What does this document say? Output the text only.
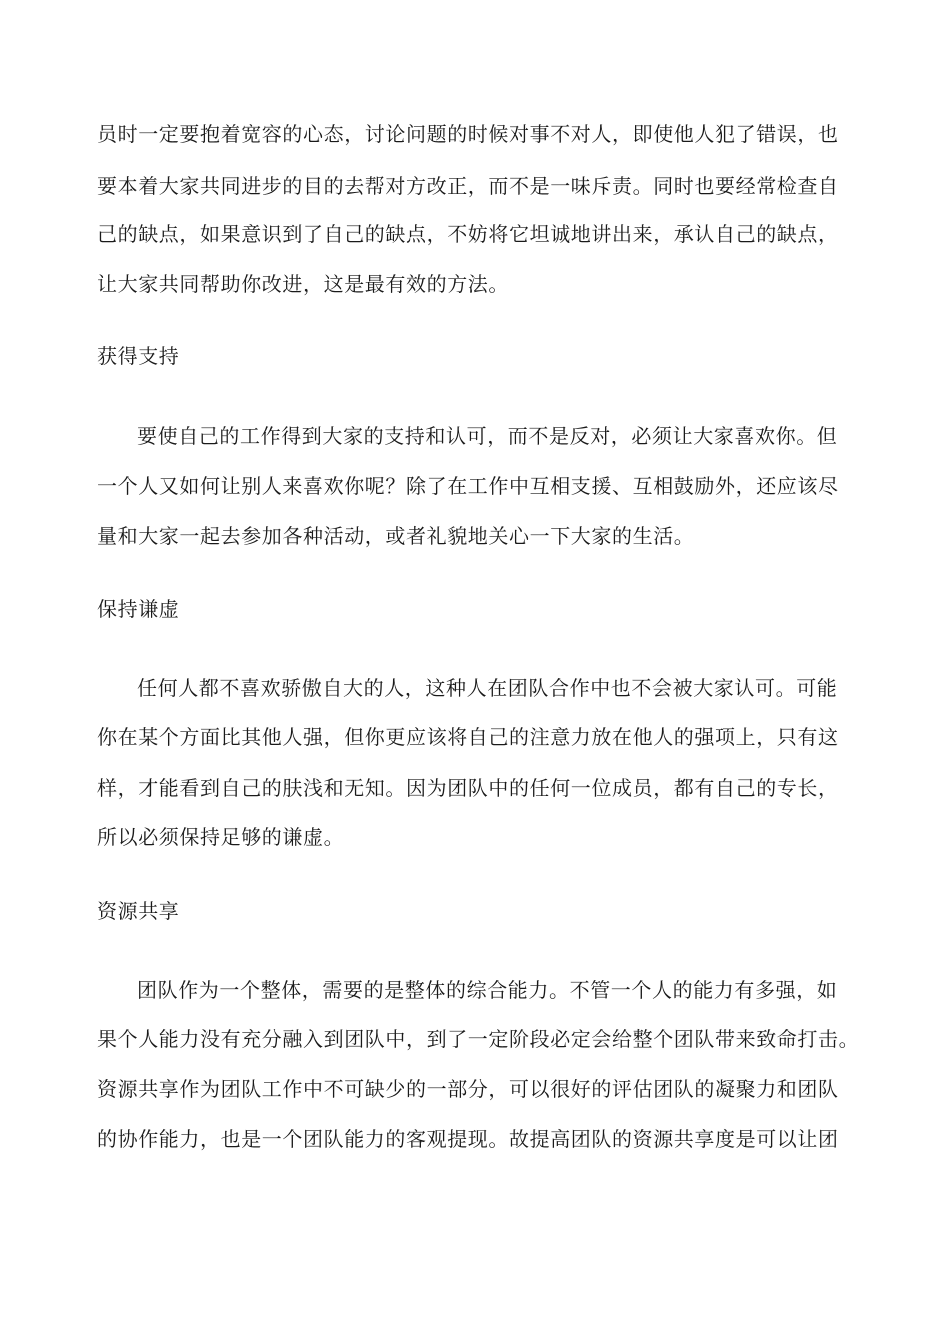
员时一定要抱着宽容的心态，讨论问题的时候对事不对人，即使他人犯了错误，也
要本着大家共同进步的目的去帮对方改正，而不是一味斥责。同时也要经常检查自
己的缺点，如果意识到了自己的缺点，不妨将它坦诚地讲出来，承认自己的缺点，
让大家共同帮助你改进，这是最有效的方法。
获得支持
要使自己的工作得到大家的支持和认可，而不是反对，必须让大家喜欢你。但
一个人又如何让别人来喜欢你呢？除了在工作中互相支援、互相鼓励外，还应该尽
量和大家一起去参加各种活动，或者礼貌地关心一下大家的生活。
保持谦虚
任何人都不喜欢骄傲自大的人，这种人在团队合作中也不会被大家认可。可能
你在某个方面比其他人强，但你更应该将自己的注意力放在他人的强项上，只有这
样，才能看到自己的肤浅和无知。因为团队中的任何一位成员，都有自己的专长，
所以必须保持足够的谦虚。
资源共享
团队作为一个整体，需要的是整体的综合能力。不管一个人的能力有多强，如
果个人能力没有充分融入到团队中，到了一定阶段必定会给整个团队带来致命打击。
资源共享作为团队工作中不可缺少的一部分，可以很好的评估团队的凝聚力和团队
的协作能力，也是一个团队能力的客观提现。故提高团队的资源共享度是可以让团
